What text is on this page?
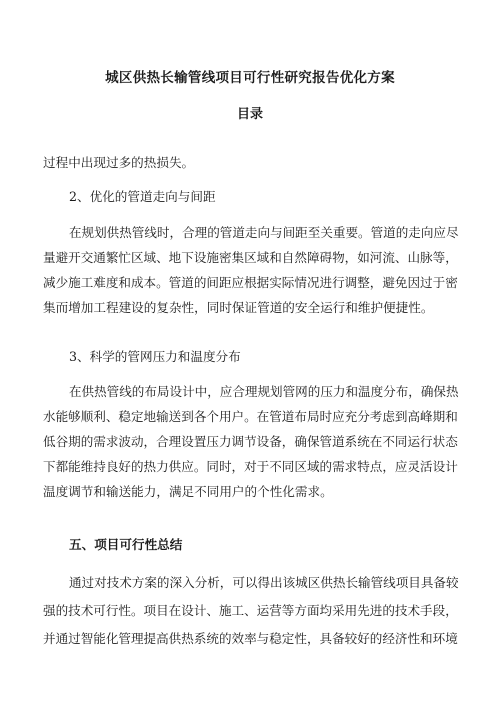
城区供热长输管线项目可行性研究报告优化方案
目录

过程中出现过多的热损失。

2、优化的管道走向与间距

在规划供热管线时，合理的管道走向与间距至关重要。管道的走向应尽
量避开交通繁忙区域、地下设施密集区域和自然障碍物，如河流、山脉等，
减少施工难度和成本。管道的间距应根据实际情况进行调整，避免因过于密
集而增加工程建设的复杂性，同时保证管道的安全运行和维护便捷性。

3、科学的管网压力和温度分布

在供热管线的布局设计中，应合理规划管网的压力和温度分布，确保热
水能够顺利、稳定地输送到各个用户。在管道布局时应充分考虑到高峰期和
低谷期的需求波动，合理设置压力调节设备，确保管道系统在不同运行状态
下都能维持良好的热力供应。同时，对于不同区域的需求特点，应灵活设计
温度调节和输送能力，满足不同用户的个性化需求。

五、项目可行性总结

通过对技术方案的深入分析，可以得出该城区供热长输管线项目具备较
强的技术可行性。项目在设计、施工、运营等方面均采用先进的技术手段，
并通过智能化管理提高供热系统的效率与稳定性，具备较好的经济性和环境
